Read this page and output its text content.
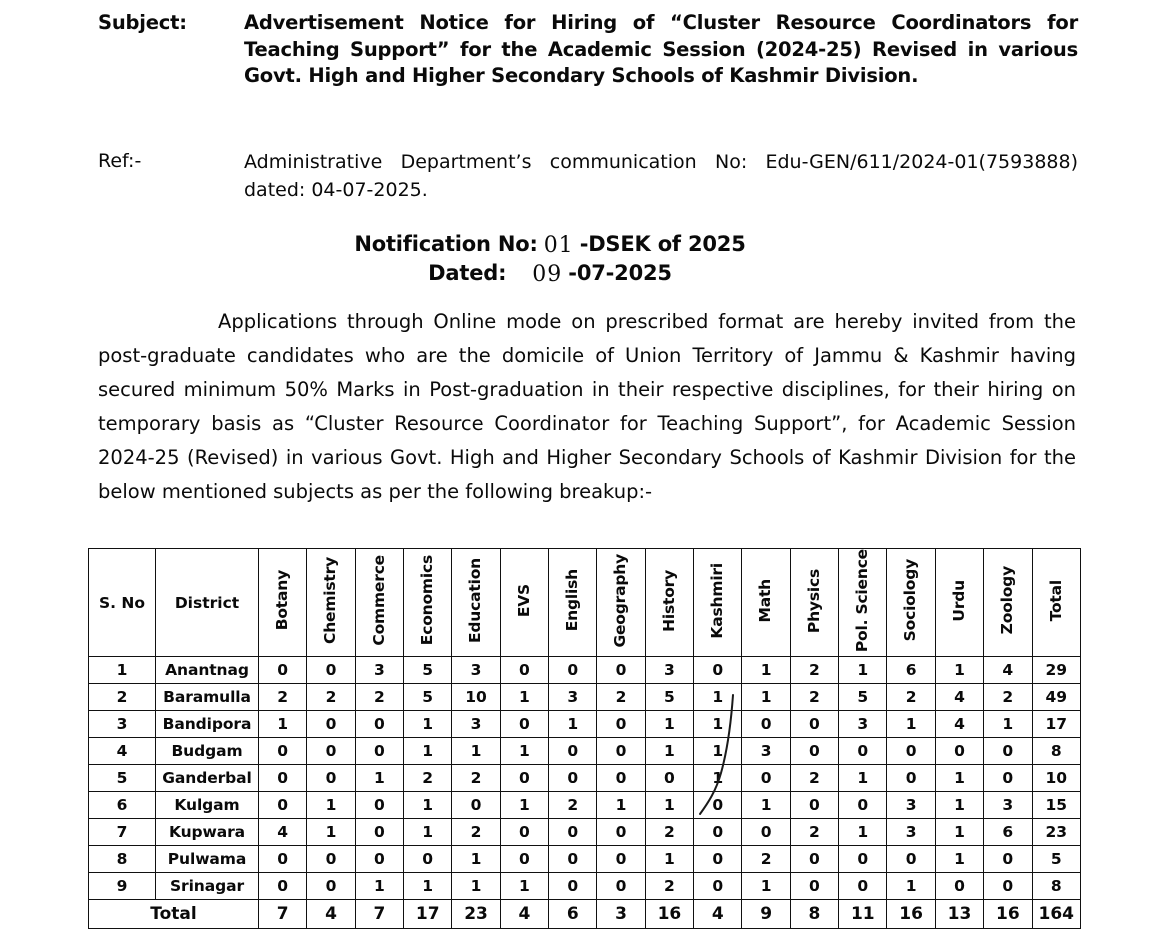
Subject:	Advertisement Notice for Hiring of “Cluster Resource Coordinators for Teaching Support” for the Academic Session (2024-25) Revised in various Govt. High and Higher Secondary Schools of Kashmir Division.
Ref:-	Administrative Department’s communication No: Edu-GEN/611/2024-01(7593888) dated: 04-07-2025.
Notification No: 01 -DSEK of 2025
Dated: 09 -07-2025
Applications through Online mode on prescribed format are hereby invited from the post-graduate candidates who are the domicile of Union Territory of Jammu & Kashmir having secured minimum 50% Marks in Post-graduation in their respective disciplines, for their hiring on temporary basis as “Cluster Resource Coordinator for Teaching Support”, for Academic Session 2024-25 (Revised) in various Govt. High and Higher Secondary Schools of Kashmir Division for the below mentioned subjects as per the following breakup:-
S. No	District	Botany	Chemistry	Commerce	Economics	Education	EVS	English	Geography	History	Kashmiri	Math	Physics	Pol. Science	Sociology	Urdu	Zoology	Total
1	Anantnag	0	0	3	5	3	0	0	0	3	0	1	2	1	6	1	4	29
2	Baramulla	2	2	2	5	10	1	3	2	5	1	1	2	5	2	4	2	49
3	Bandipora	1	0	0	1	3	0	1	0	1	1	0	0	3	1	4	1	17
4	Budgam	0	0	0	1	1	1	0	0	1	1	3	0	0	0	0	0	8
5	Ganderbal	0	0	1	2	2	0	0	0	0	1	0	2	1	0	1	0	10
6	Kulgam	0	1	0	1	0	1	2	1	1	0	1	0	0	3	1	3	15
7	Kupwara	4	1	0	1	2	0	0	0	2	0	0	2	1	3	1	6	23
8	Pulwama	0	0	0	0	1	0	0	0	1	0	2	0	0	0	1	0	5
9	Srinagar	0	0	1	1	1	1	0	0	2	0	1	0	0	1	0	0	8
Total		7	4	7	17	23	4	6	3	16	4	9	8	11	16	13	16	164
